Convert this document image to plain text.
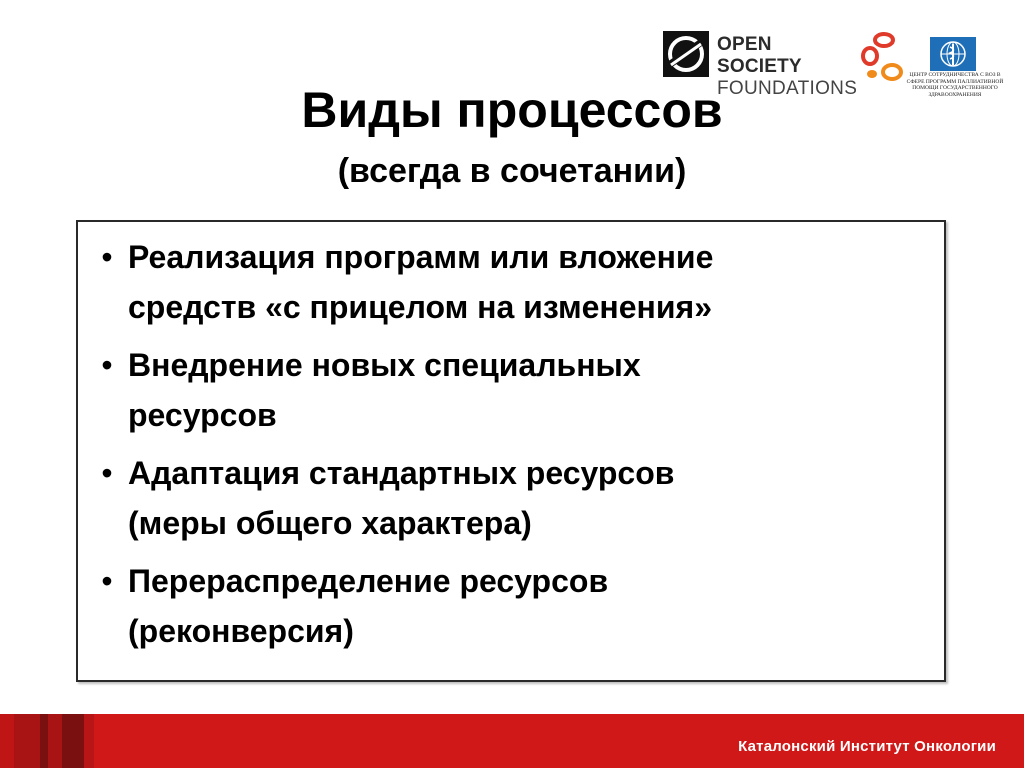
OPEN SOCIETY
FOUNDATIONS
ЦЕНТР СОТРУДНИЧЕСТВА С ВОЗ В СФЕРЕ ПРОГРАММ ПАЛЛИАТИВНОЙ ПОМОЩИ ГОСУДАРСТВЕННОГО ЗДРАВООХРАНЕНИЯ
Виды процессов
(всегда в сочетании)
• Реализация программ или вложение
средств «с прицелом на изменения»
• Внедрение новых специальных
ресурсов
• Адаптация стандартных ресурсов
(меры общего характера)
• Перераспределение ресурсов
(реконверсия)
Каталонский Институт Онкологии
